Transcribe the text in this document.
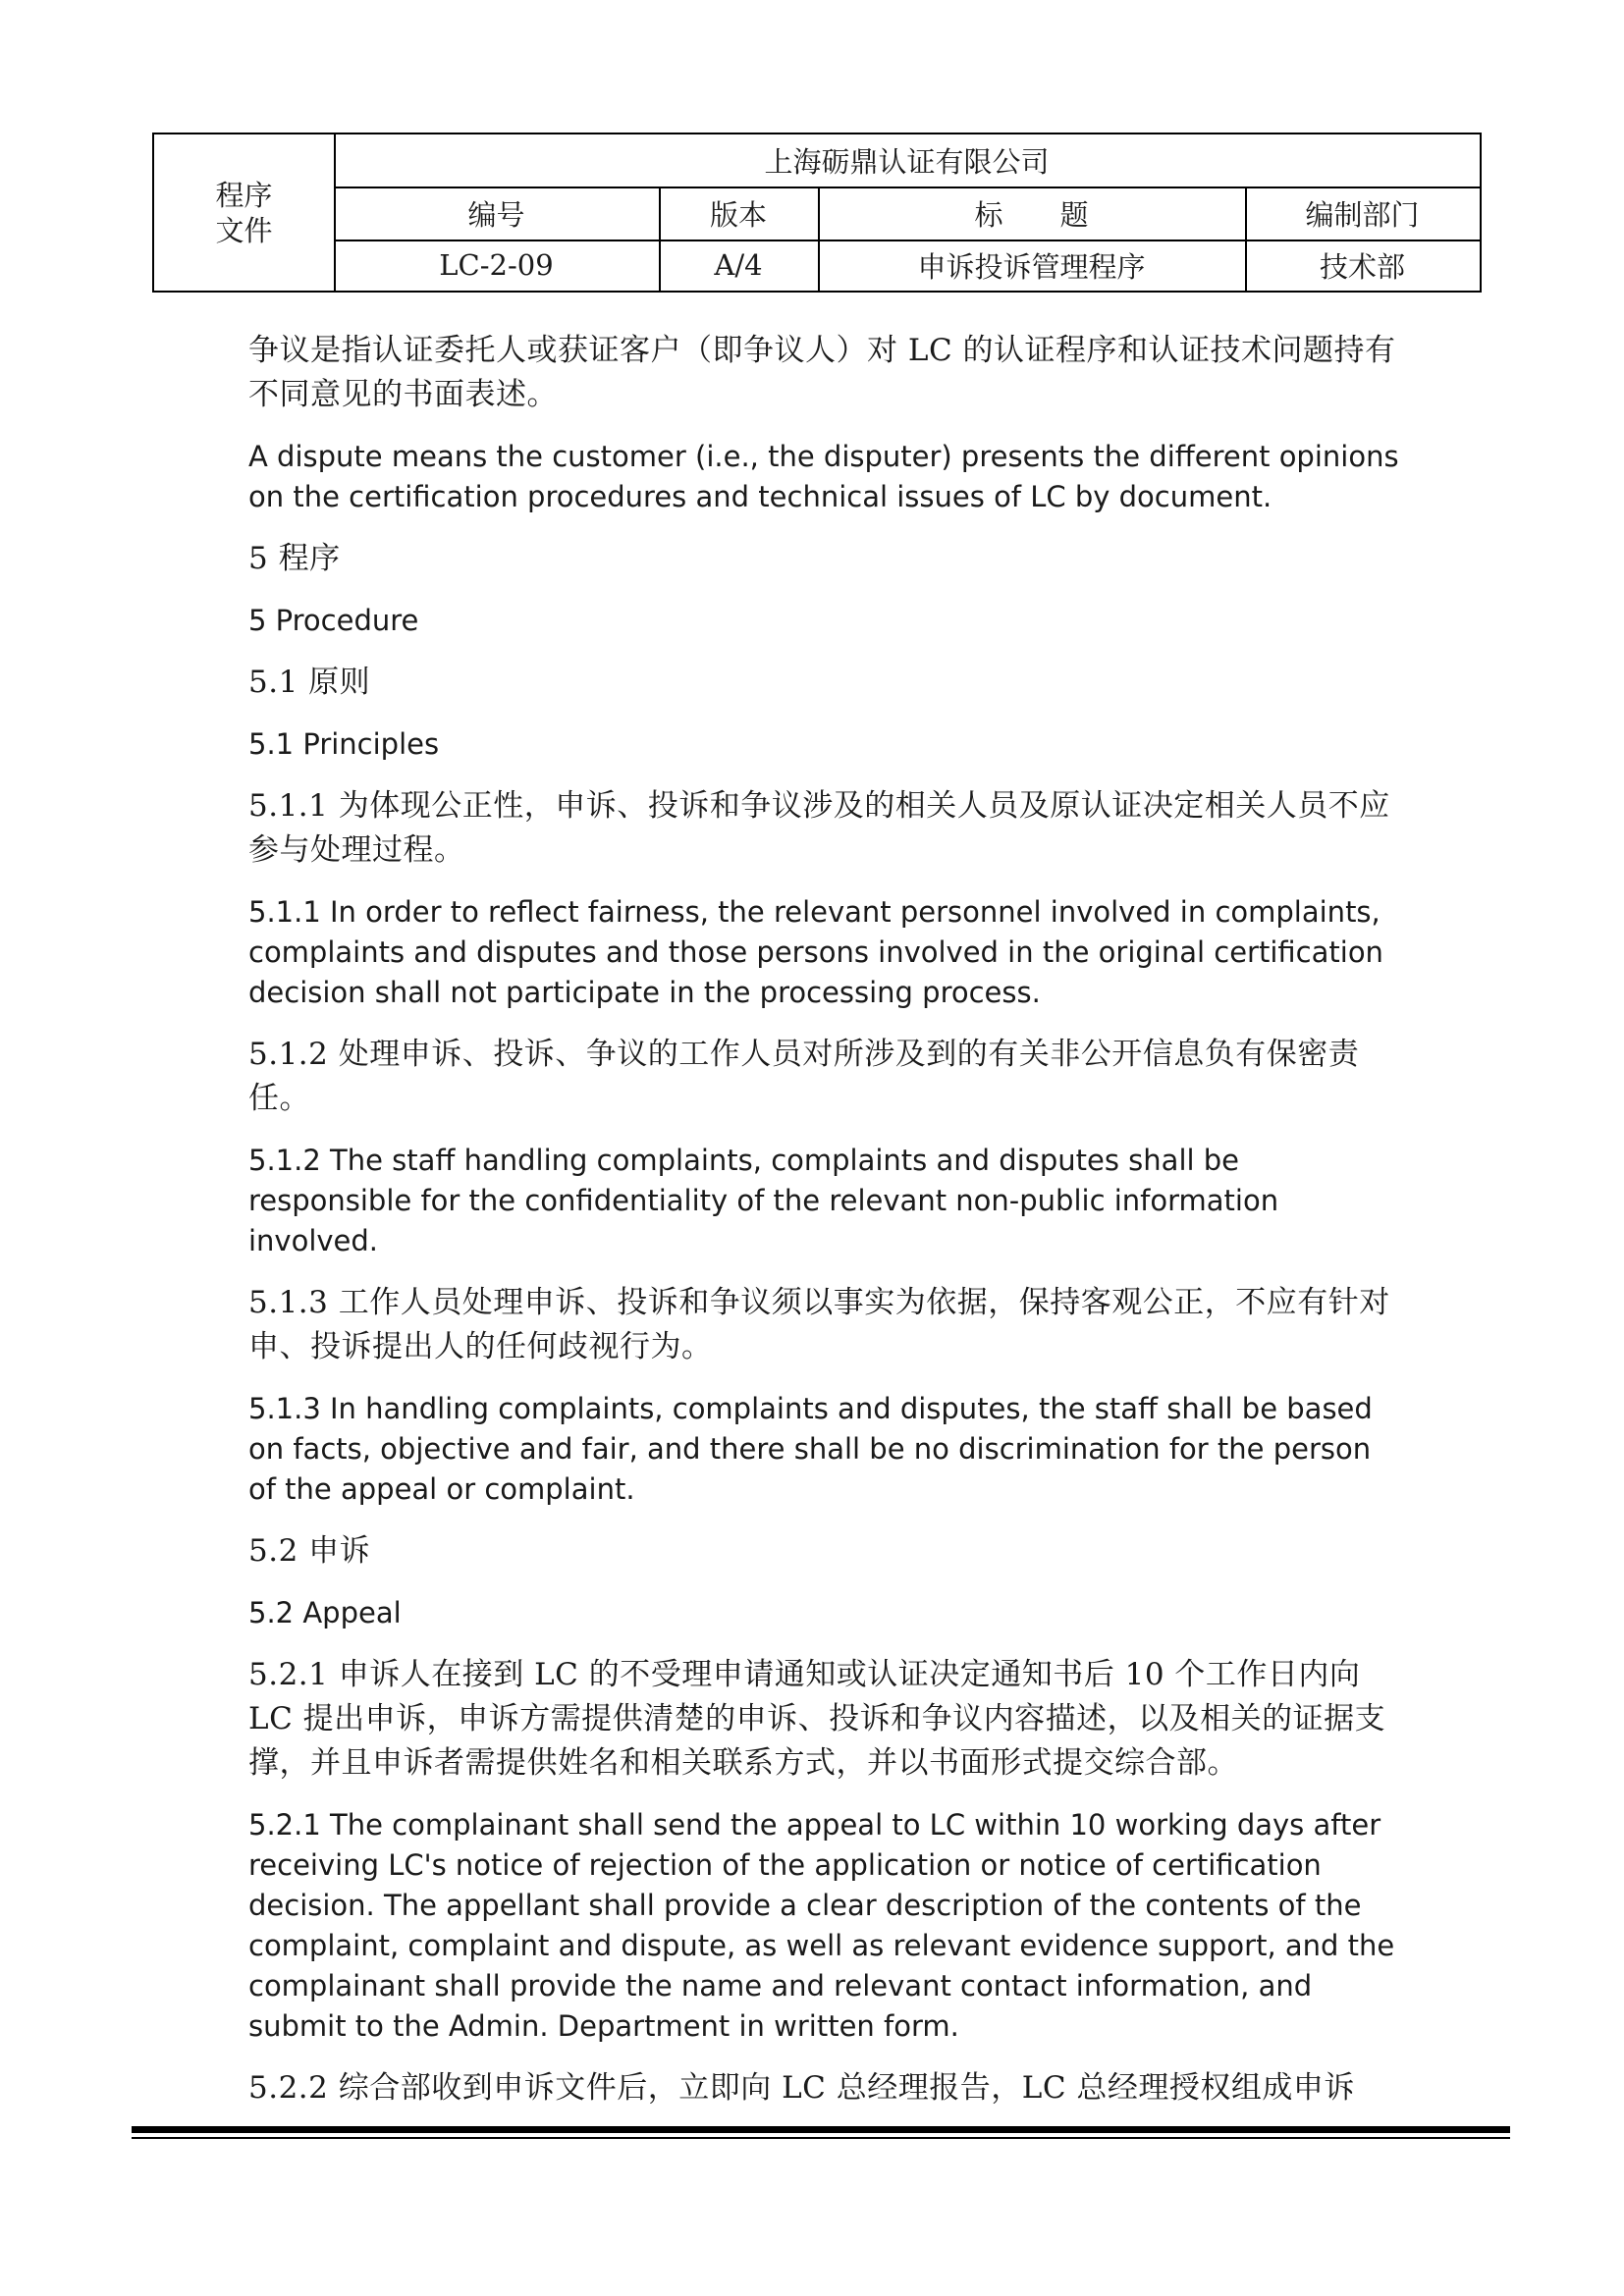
程序
文件
上海砺鼎认证有限公司
编号	版本	标　　题	编制部门
LC-2-09	A/4	申诉投诉管理程序	技术部

争议是指认证委托人或获证客户（即争议人）对 LC 的认证程序和认证技术问题持有不同意见的书面表述。

A dispute means the customer (i.e., the disputer) presents the different opinions on the certification procedures and technical issues of LC by document.

5 程序

5 Procedure

5.1 原则

5.1 Principles

5.1.1 为体现公正性，申诉、投诉和争议涉及的相关人员及原认证决定相关人员不应参与处理过程。

5.1.1 In order to reflect fairness, the relevant personnel involved in complaints, complaints and disputes and those persons involved in the original certification decision shall not participate in the processing process.

5.1.2 处理申诉、投诉、争议的工作人员对所涉及到的有关非公开信息负有保密责任。

5.1.2 The staff handling complaints, complaints and disputes shall be responsible for the confidentiality of the relevant non-public information involved.

5.1.3 工作人员处理申诉、投诉和争议须以事实为依据，保持客观公正，不应有针对申、投诉提出人的任何歧视行为。

5.1.3 In handling complaints, complaints and disputes, the staff shall be based on facts, objective and fair, and there shall be no discrimination for the person of the appeal or complaint.

5.2 申诉

5.2 Appeal

5.2.1 申诉人在接到 LC 的不受理申请通知或认证决定通知书后 10 个工作日内向 LC 提出申诉，申诉方需提供清楚的申诉、投诉和争议内容描述，以及相关的证据支撑，并且申诉者需提供姓名和相关联系方式，并以书面形式提交综合部。

5.2.1 The complainant shall send the appeal to LC within 10 working days after receiving LC's notice of rejection of the application or notice of certification decision. The appellant shall provide a clear description of the contents of the complaint, complaint and dispute, as well as relevant evidence support, and the complainant shall provide the name and relevant contact information, and submit to the Admin. Department in written form.

5.2.2 综合部收到申诉文件后，立即向 LC 总经理报告，LC 总经理授权组成申诉
